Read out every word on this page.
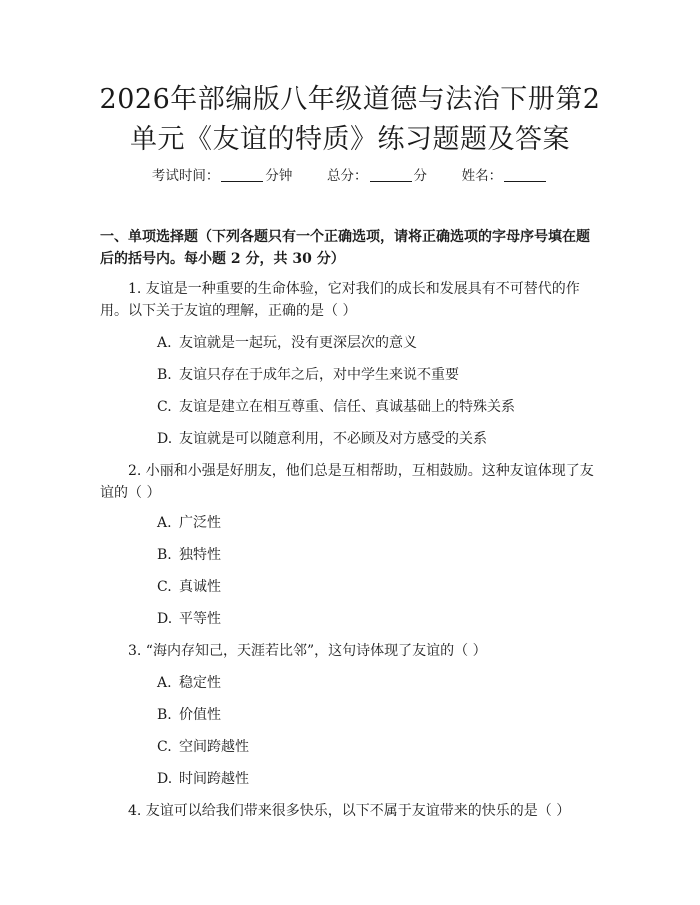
2026年部编版八年级道德与法治下册第2单元《友谊的特质》练习题题及答案
考试时间：	分钟	总分：	分	姓名：
一、单项选择题（下列各题只有一个正确选项，请将正确选项的字母序号填在题后的括号内。每小题 2 分，共 30 分）
1. 友谊是一种重要的生命体验，它对我们的成长和发展具有不可替代的作用。以下关于友谊的理解，正确的是（ ）
A. 友谊就是一起玩，没有更深层次的意义
B. 友谊只存在于成年之后，对中学生来说不重要
C. 友谊是建立在相互尊重、信任、真诚基础上的特殊关系
D. 友谊就是可以随意利用，不必顾及对方感受的关系
2. 小丽和小强是好朋友，他们总是互相帮助，互相鼓励。这种友谊体现了友谊的（ ）
A. 广泛性
B. 独特性
C. 真诚性
D. 平等性
3. “海内存知己，天涯若比邻”，这句诗体现了友谊的（ ）
A. 稳定性
B. 价值性
C. 空间跨越性
D. 时间跨越性
4. 友谊可以给我们带来很多快乐，以下不属于友谊带来的快乐的是（ ）
